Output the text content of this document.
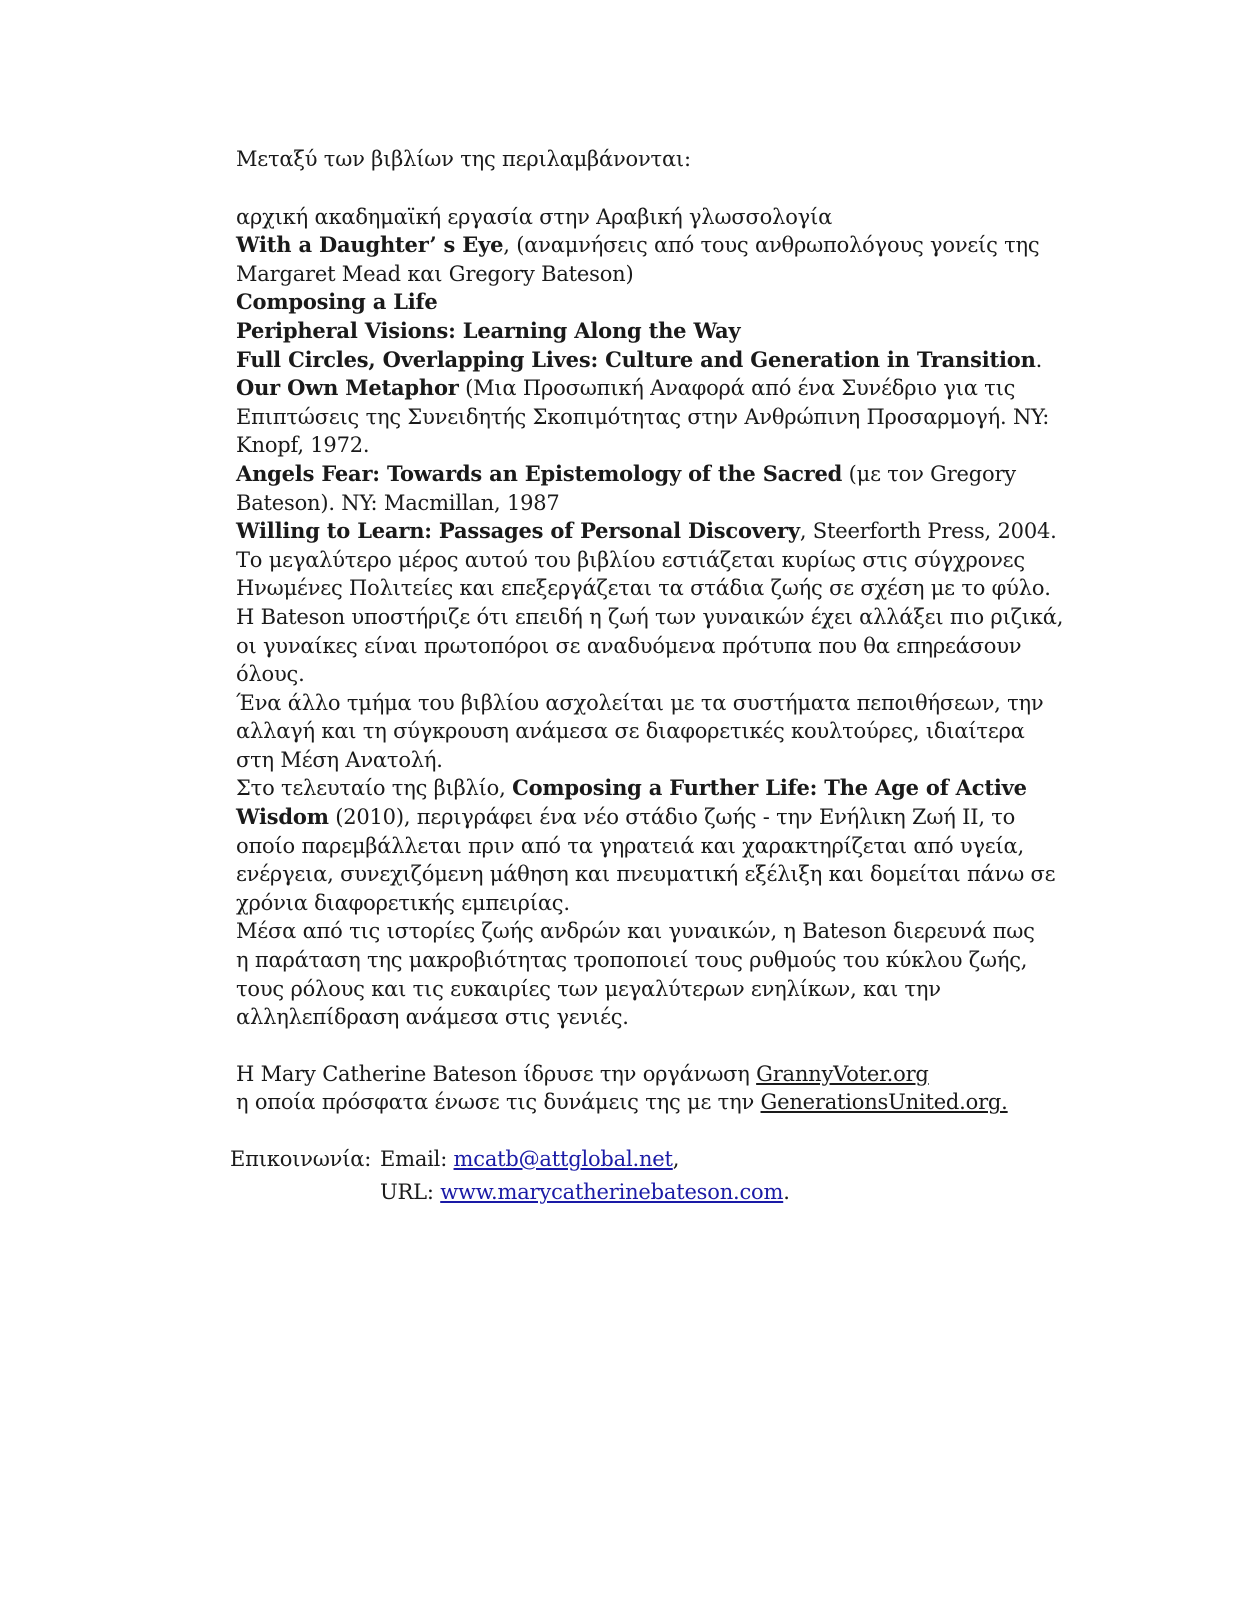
Μεταξύ των βιβλίων της περιλαμβάνονται:
αρχική ακαδημαϊκή εργασία στην Αραβική γλωσσολογία
With a Daughter’ s Eye, (αναμνήσεις από τους ανθρωπολόγους γονείς της
Margaret Mead και Gregory Bateson)
Composing a Life
Peripheral Visions: Learning Along the Way
Full Circles, Overlapping Lives: Culture and Generation in Transition.
Our Own Metaphor (Μια Προσωπική Αναφορά από ένα Συνέδριο για τις
Επιπτώσεις της Συνειδητής Σκοπιμότητας στην Ανθρώπινη Προσαρμογή. NY:
Knopf, 1972.
Angels Fear: Towards an Epistemology of the Sacred (με τον Gregory
Bateson). NY: Macmillan, 1987
Willing to Learn: Passages of Personal Discovery, Steerforth Press, 2004.
Το μεγαλύτερο μέρος αυτού του βιβλίου εστιάζεται κυρίως στις σύγχρονες
Ηνωμένες Πολιτείες και επεξεργάζεται τα στάδια ζωής σε σχέση με το φύλο.
Η Bateson υποστήριζε ότι επειδή η ζωή των γυναικών έχει αλλάξει πιο ριζικά,
οι γυναίκες είναι πρωτοπόροι σε αναδυόμενα πρότυπα που θα επηρεάσουν
όλους.
Ένα άλλο τμήμα του βιβλίου ασχολείται με τα συστήματα πεποιθήσεων, την
αλλαγή και τη σύγκρουση ανάμεσα σε διαφορετικές κουλτούρες, ιδιαίτερα
στη Μέση Ανατολή.
Στο τελευταίο της βιβλίο, Composing a Further Life: The Age of Active
Wisdom (2010), περιγράφει ένα νέο στάδιο ζωής - την Ενήλικη Ζωή ΙΙ, το
οποίο παρεμβάλλεται πριν από τα γηρατειά και χαρακτηρίζεται από υγεία,
ενέργεια, συνεχιζόμενη μάθηση και πνευματική εξέλιξη και δομείται πάνω σε
χρόνια διαφορετικής εμπειρίας.
Μέσα από τις ιστορίες ζωής ανδρών και γυναικών, η Bateson διερευνά πως
η παράταση της μακροβιότητας τροποποιεί τους ρυθμούς του κύκλου ζωής,
τους ρόλους και τις ευκαιρίες των μεγαλύτερων ενηλίκων, και την
αλληλεπίδραση ανάμεσα στις γενιές.
Η Mary Catherine Bateson ίδρυσε την οργάνωση GrannyVoter.org
η οποία πρόσφατα ένωσε τις δυνάμεις της με την GenerationsUnited.org.
Επικοινωνία: Email: mcatb@attglobal.net,
URL: www.marycatherinebateson.com.
